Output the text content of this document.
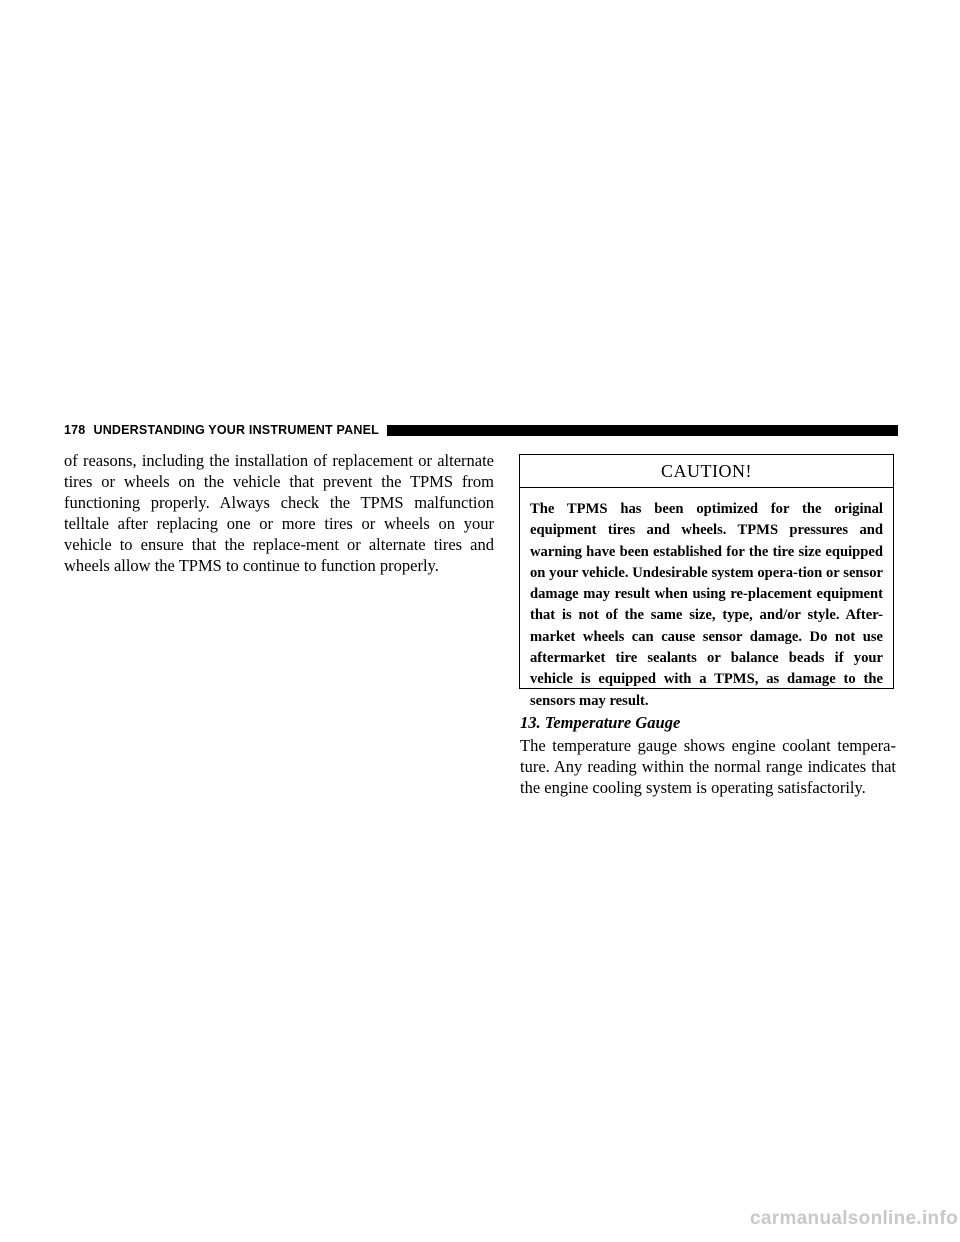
178 UNDERSTANDING YOUR INSTRUMENT PANEL

of reasons, including the installation of replacement or alternate tires or wheels on the vehicle that prevent the TPMS from functioning properly. Always check the TPMS malfunction telltale after replacing one or more tires or wheels on your vehicle to ensure that the replace-ment or alternate tires and wheels allow the TPMS to continue to function properly.

CAUTION!
The TPMS has been optimized for the original equipment tires and wheels. TPMS pressures and warning have been established for the tire size equipped on your vehicle. Undesirable system opera-tion or sensor damage may result when using re-placement equipment that is not of the same size, type, and/or style. After-market wheels can cause sensor damage. Do not use aftermarket tire sealants or balance beads if your vehicle is equipped with a TPMS, as damage to the sensors may result.
13. Temperature Gauge

The temperature gauge shows engine coolant tempera-ture. Any reading within the normal range indicates that the engine cooling system is operating satisfactorily.

carmanualsonline.info
